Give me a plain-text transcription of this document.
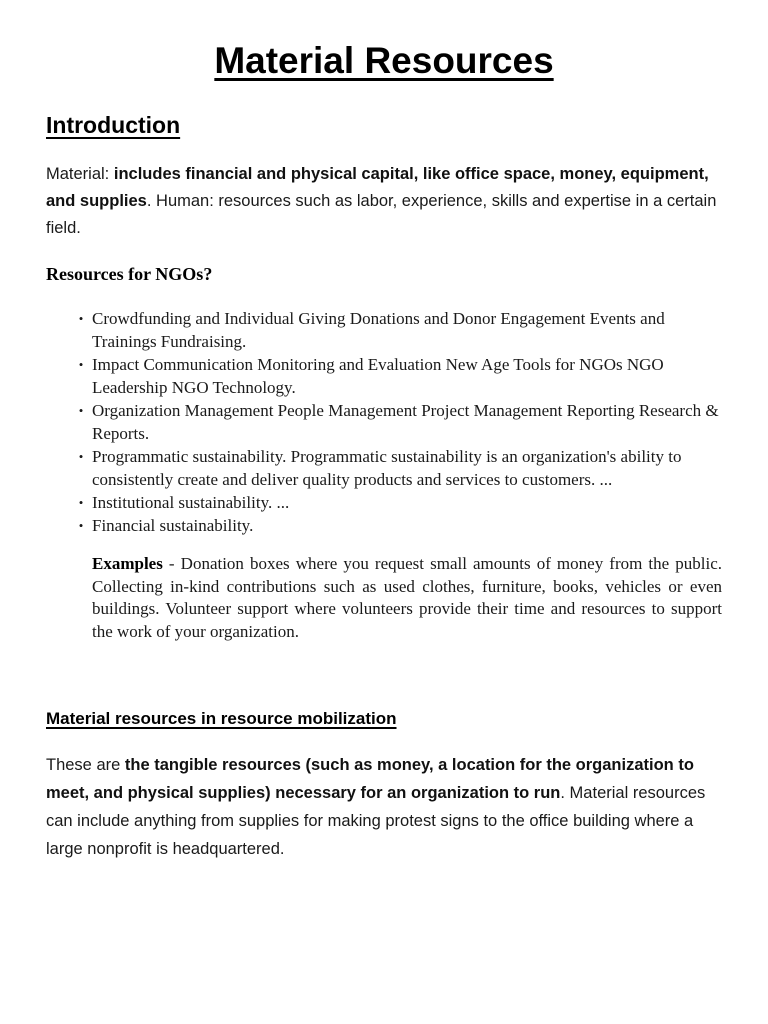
Material Resources
Introduction

Material: includes financial and physical capital, like office space, money, equipment, and supplies. Human: resources such as labor, experience, skills and expertise in a certain field.

Resources for NGOs?
• Crowdfunding and Individual Giving Donations and Donor Engagement Events and Trainings Fundraising.
• Impact Communication Monitoring and Evaluation New Age Tools for NGOs NGO Leadership NGO Technology.
• Organization Management People Management Project Management Reporting Research & Reports.
• Programmatic sustainability. Programmatic sustainability is an organization's ability to consistently create and deliver quality products and services to customers. ...
• Institutional sustainability. ...
• Financial sustainability.

Examples - Donation boxes where you request small amounts of money from the public. Collecting in-kind contributions such as used clothes, furniture, books, vehicles or even buildings. Volunteer support where volunteers provide their time and resources to support the work of your organization.

Material resources in resource mobilization

These are the tangible resources (such as money, a location for the organization to meet, and physical supplies) necessary for an organization to run. Material resources can include anything from supplies for making protest signs to the office building where a large nonprofit is headquartered.
